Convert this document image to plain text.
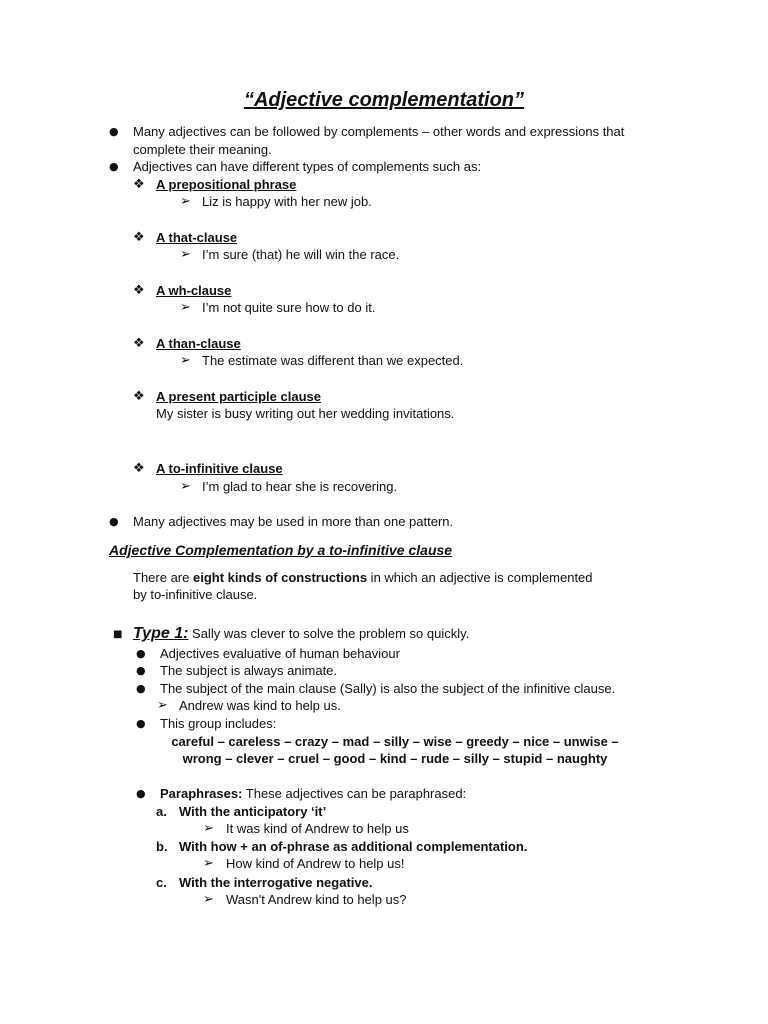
“Adjective complementation”
● Many adjectives can be followed by complements – other words and expressions that
complete their meaning.
● Adjectives can have different types of complements such as:
❖ A prepositional phrase
➢ Liz is happy with her new job.
❖ A that-clause
➢ I’m sure (that) he will win the race.
❖ A wh-clause
➢ I’m not quite sure how to do it.
❖ A than-clause
➢ The estimate was different than we expected.
❖ A present participle clause
My sister is busy writing out her wedding invitations.
❖ A to-infinitive clause
➢ I’m glad to hear she is recovering.
● Many adjectives may be used in more than one pattern.
Adjective Complementation by a to-infinitive clause
There are eight kinds of constructions in which an adjective is complemented
by to-infinitive clause.
■ Type 1: Sally was clever to solve the problem so quickly.
● Adjectives evaluative of human behaviour
● The subject is always animate.
● The subject of the main clause (Sally) is also the subject of the infinitive clause.
➢ Andrew was kind to help us.
● This group includes:
careful – careless – crazy – mad – silly – wise – greedy – nice – unwise –
wrong – clever – cruel – good – kind – rude – silly – stupid – naughty
● Paraphrases: These adjectives can be paraphrased:
a. With the anticipatory ‘it’
➢ It was kind of Andrew to help us
b. With how + an of-phrase as additional complementation.
➢ How kind of Andrew to help us!
c. With the interrogative negative.
➢ Wasn't Andrew kind to help us?
